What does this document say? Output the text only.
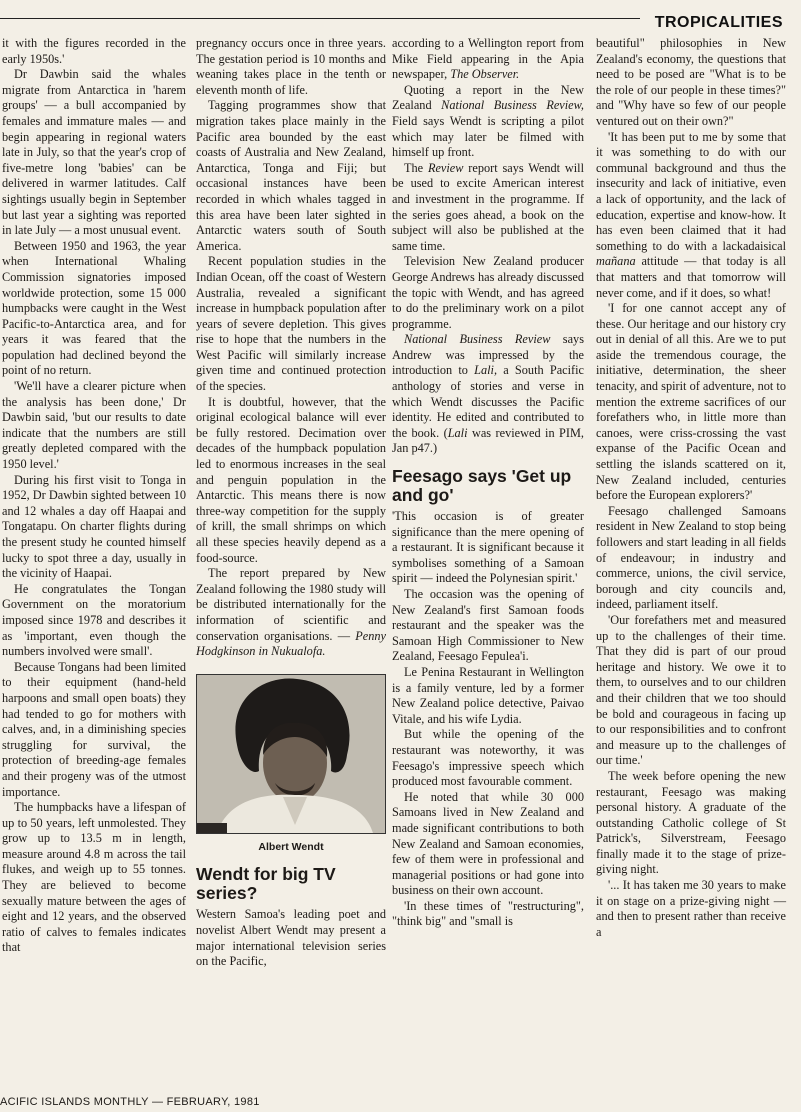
TROPICALITIES

it with the figures recorded in the early 1950s.'

Dr Dawbin said the whales migrate from Antarctica in 'harem groups' — a bull accompanied by females and immature males — and begin appearing in regional waters late in July, so that the year's crop of five-metre long 'babies' can be delivered in warmer latitudes. Calf sightings usually begin in September but last year a sighting was reported in late July — a most unusual event.

Between 1950 and 1963, the year when International Whaling Commission signatories imposed worldwide protection, some 15 000 humpbacks were caught in the West Pacific-to-Antarctica area, and for years it was feared that the population had declined beyond the point of no return.

'We'll have a clearer picture when the analysis has been done,' Dr Dawbin said, 'but our results to date indicate that the numbers are still greatly depleted compared with the 1950 level.'

During his first visit to Tonga in 1952, Dr Dawbin sighted between 10 and 12 whales a day off Haapai and Tongatapu. On charter flights during the present study he counted himself lucky to spot three a day, usually in the vicinity of Haapai.

He congratulates the Tongan Government on the moratorium imposed since 1978 and describes it as 'important, even though the numbers involved were small'.

Because Tongans had been limited to their equipment (hand-held harpoons and small open boats) they had tended to go for mothers with calves, and, in a diminishing species struggling for survival, the protection of breeding-age females and their progeny was of the utmost importance.

The humpbacks have a lifespan of up to 50 years, left unmolested. They grow up to 13.5 m in length, measure around 4.8 m across the tail flukes, and weigh up to 55 tonnes. They are believed to become sexually mature between the ages of eight and 12 years, and the observed ratio of calves to females indicates that

pregnancy occurs once in three years. The gestation period is 10 months and weaning takes place in the tenth or eleventh month of life.

Tagging programmes show that migration takes place mainly in the Pacific area bounded by the east coasts of Australia and New Zealand, Antarctica, Tonga and Fiji; but occasional instances have been recorded in which whales tagged in this area have been later sighted in Antarctic waters south of South America.

Recent population studies in the Indian Ocean, off the coast of Western Australia, revealed a significant increase in humpback population after years of severe depletion. This gives rise to hope that the numbers in the West Pacific will similarly increase given time and continued protection of the species.

It is doubtful, however, that the original ecological balance will ever be fully restored. Decimation over decades of the humpback population led to enormous increases in the seal and penguin population in the Antarctic. This means there is now three-way competition for the supply of krill, the small shrimps on which all these species heavily depend as a food-source.

The report prepared by New Zealand following the 1980 study will be distributed internationally for the information of scientific and conservation organisations. — Penny Hodgkinson in Nukualofa.

Albert Wendt
Wendt for big TV series?

Western Samoa's leading poet and novelist Albert Wendt may present a major international television series on the Pacific,

according to a Wellington report from Mike Field appearing in the Apia newspaper, The Observer.

Quoting a report in the New Zealand National Business Review, Field says Wendt is scripting a pilot which may later be filmed with himself up front.

The Review report says Wendt will be used to excite American interest and investment in the programme. If the series goes ahead, a book on the subject will also be published at the same time.

Television New Zealand producer George Andrews has already discussed the topic with Wendt, and has agreed to do the preliminary work on a pilot programme.

National Business Review says Andrew was impressed by the introduction to Lali, a South Pacific anthology of stories and verse in which Wendt discusses the Pacific identity. He edited and contributed to the book. (Lali was reviewed in PIM, Jan p47.)

Feesago says 'Get up and go'

'This occasion is of greater significance than the mere opening of a restaurant. It is significant because it symbolises something of a Samoan spirit — indeed the Polynesian spirit.'

The occasion was the opening of New Zealand's first Samoan foods restaurant and the speaker was the Samoan High Commissioner to New Zealand, Feesago Fepulea'i.

Le Penina Restaurant in Wellington is a family venture, led by a former New Zealand police detective, Paivao Vitale, and his wife Lydia.

But while the opening of the restaurant was noteworthy, it was Feesago's impressive speech which produced most favourable comment.

He noted that while 30 000 Samoans lived in New Zealand and made significant contributions to both New Zealand and Samoan economies, few of them were in professional and managerial positions or had gone into business on their own account.

'In these times of "restructuring", "think big" and "small is

beautiful" philosophies in New Zealand's economy, the questions that need to be posed are "What is to be the role of our people in these times?" and "Why have so few of our people ventured out on their own?"

'It has been put to me by some that it was something to do with our communal background and thus the insecurity and lack of initiative, even a lack of opportunity, and the lack of education, expertise and know-how. It has even been claimed that it had something to do with a lackadaisical mañana attitude — that today is all that matters and that tomorrow will never come, and if it does, so what!

'I for one cannot accept any of these. Our heritage and our history cry out in denial of all this. Are we to put aside the tremendous courage, the initiative, determination, the sheer tenacity, and spirit of adventure, not to mention the extreme sacrifices of our forefathers who, in little more than canoes, were criss-crossing the vast expanse of the Pacific Ocean and settling the islands scattered on it, New Zealand included, centuries before the European explorers?'

Feesago challenged Samoans resident in New Zealand to stop being followers and start leading in all fields of endeavour; in industry and commerce, unions, the civil service, borough and city councils and, indeed, parliament itself.

'Our forefathers met and measured up to the challenges of their time. That they did is part of our proud heritage and history. We owe it to them, to ourselves and to our children and their children that we too should be bold and courageous in facing up to our responsibilities and to confront and measure up to the challenges of our time.'

The week before opening the new restaurant, Feesago was making personal history. A graduate of the outstanding Catholic college of St Patrick's, Silverstream, Feesago finally made it to the stage of prize-giving night.

'... It has taken me 30 years to make it on stage on a prize-giving night — and then to present rather than receive a

ACIFIC ISLANDS MONTHLY — FEBRUARY, 1981
